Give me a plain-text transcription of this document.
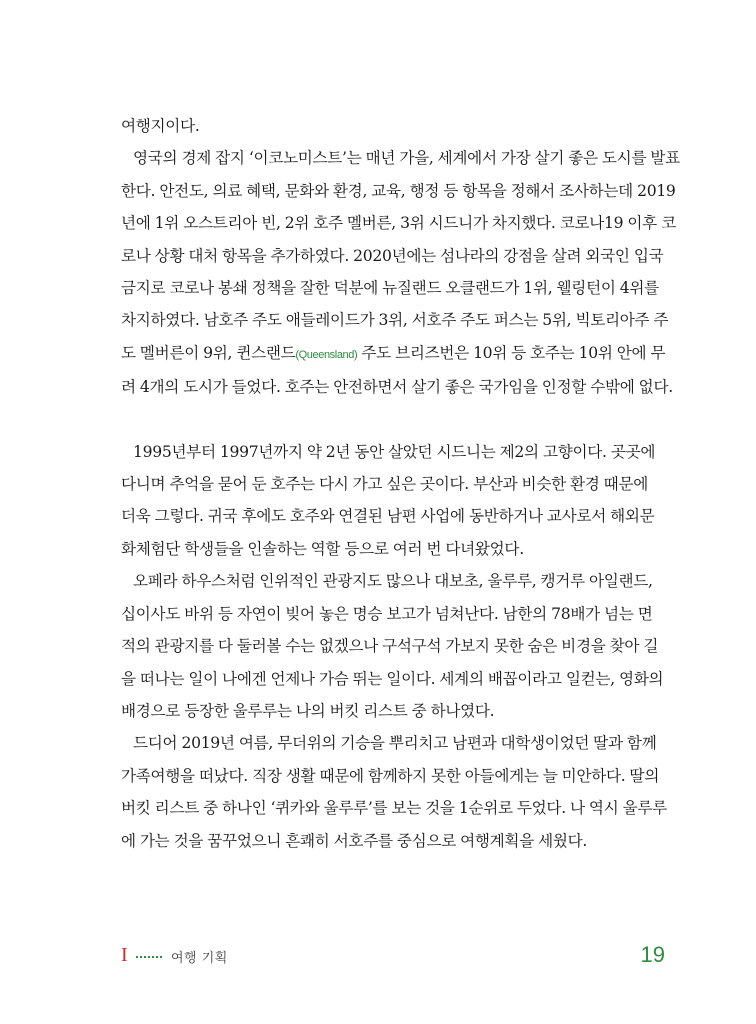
여행지이다.

영국의 경제 잡지 ‘이코노미스트’는 매년 가을, 세계에서 가장 살기 좋은 도시를 발표
한다. 안전도, 의료 혜택, 문화와 환경, 교육, 행정 등 항목을 정해서 조사하는데 2019
년에 1위 오스트리아 빈, 2위 호주 멜버른, 3위 시드니가 차지했다. 코로나19 이후 코
로나 상황 대처 항목을 추가하였다. 2020년에는 섬나라의 강점을 살려 외국인 입국
금지로 코로나 봉쇄 정책을 잘한 덕분에 뉴질랜드 오클랜드가 1위, 웰링턴이 4위를
차지하였다. 남호주 주도 애들레이드가 3위, 서호주 주도 퍼스는 5위, 빅토리아주 주
도 멜버른이 9위, 퀸스랜드(Queensland) 주도 브리즈번은 10위 등 호주는 10위 안에 무
려 4개의 도시가 들었다. 호주는 안전하면서 살기 좋은 국가임을 인정할 수밖에 없다.

1995년부터 1997년까지 약 2년 동안 살았던 시드니는 제2의 고향이다. 곳곳에
다니며 추억을 묻어 둔 호주는 다시 가고 싶은 곳이다. 부산과 비슷한 환경 때문에
더욱 그렇다. 귀국 후에도 호주와 연결된 남편 사업에 동반하거나 교사로서 해외문
화체험단 학생들을 인솔하는 역할 등으로 여러 번 다녀왔었다.

오페라 하우스처럼 인위적인 관광지도 많으나 대보초, 울루루, 캥거루 아일랜드,
십이사도 바위 등 자연이 빚어 놓은 명승 보고가 넘쳐난다. 남한의 78배가 넘는 면
적의 관광지를 다 둘러볼 수는 없겠으나 구석구석 가보지 못한 숨은 비경을 찾아 길
을 떠나는 일이 나에겐 언제나 가슴 뛰는 일이다. 세계의 배꼽이라고 일컫는, 영화의
배경으로 등장한 울루루는 나의 버킷 리스트 중 하나였다.

드디어 2019년 여름, 무더위의 기승을 뿌리치고 남편과 대학생이었던 딸과 함께
가족여행을 떠났다. 직장 생활 때문에 함께하지 못한 아들에게는 늘 미안하다. 딸의
버킷 리스트 중 하나인 ‘퀴카와 울루루’를 보는 것을 1순위로 두었다. 나 역시 울루루
에 가는 것을 꿈꾸었으니 흔쾌히 서호주를 중심으로 여행계획을 세웠다.

I	여행 기획	19
